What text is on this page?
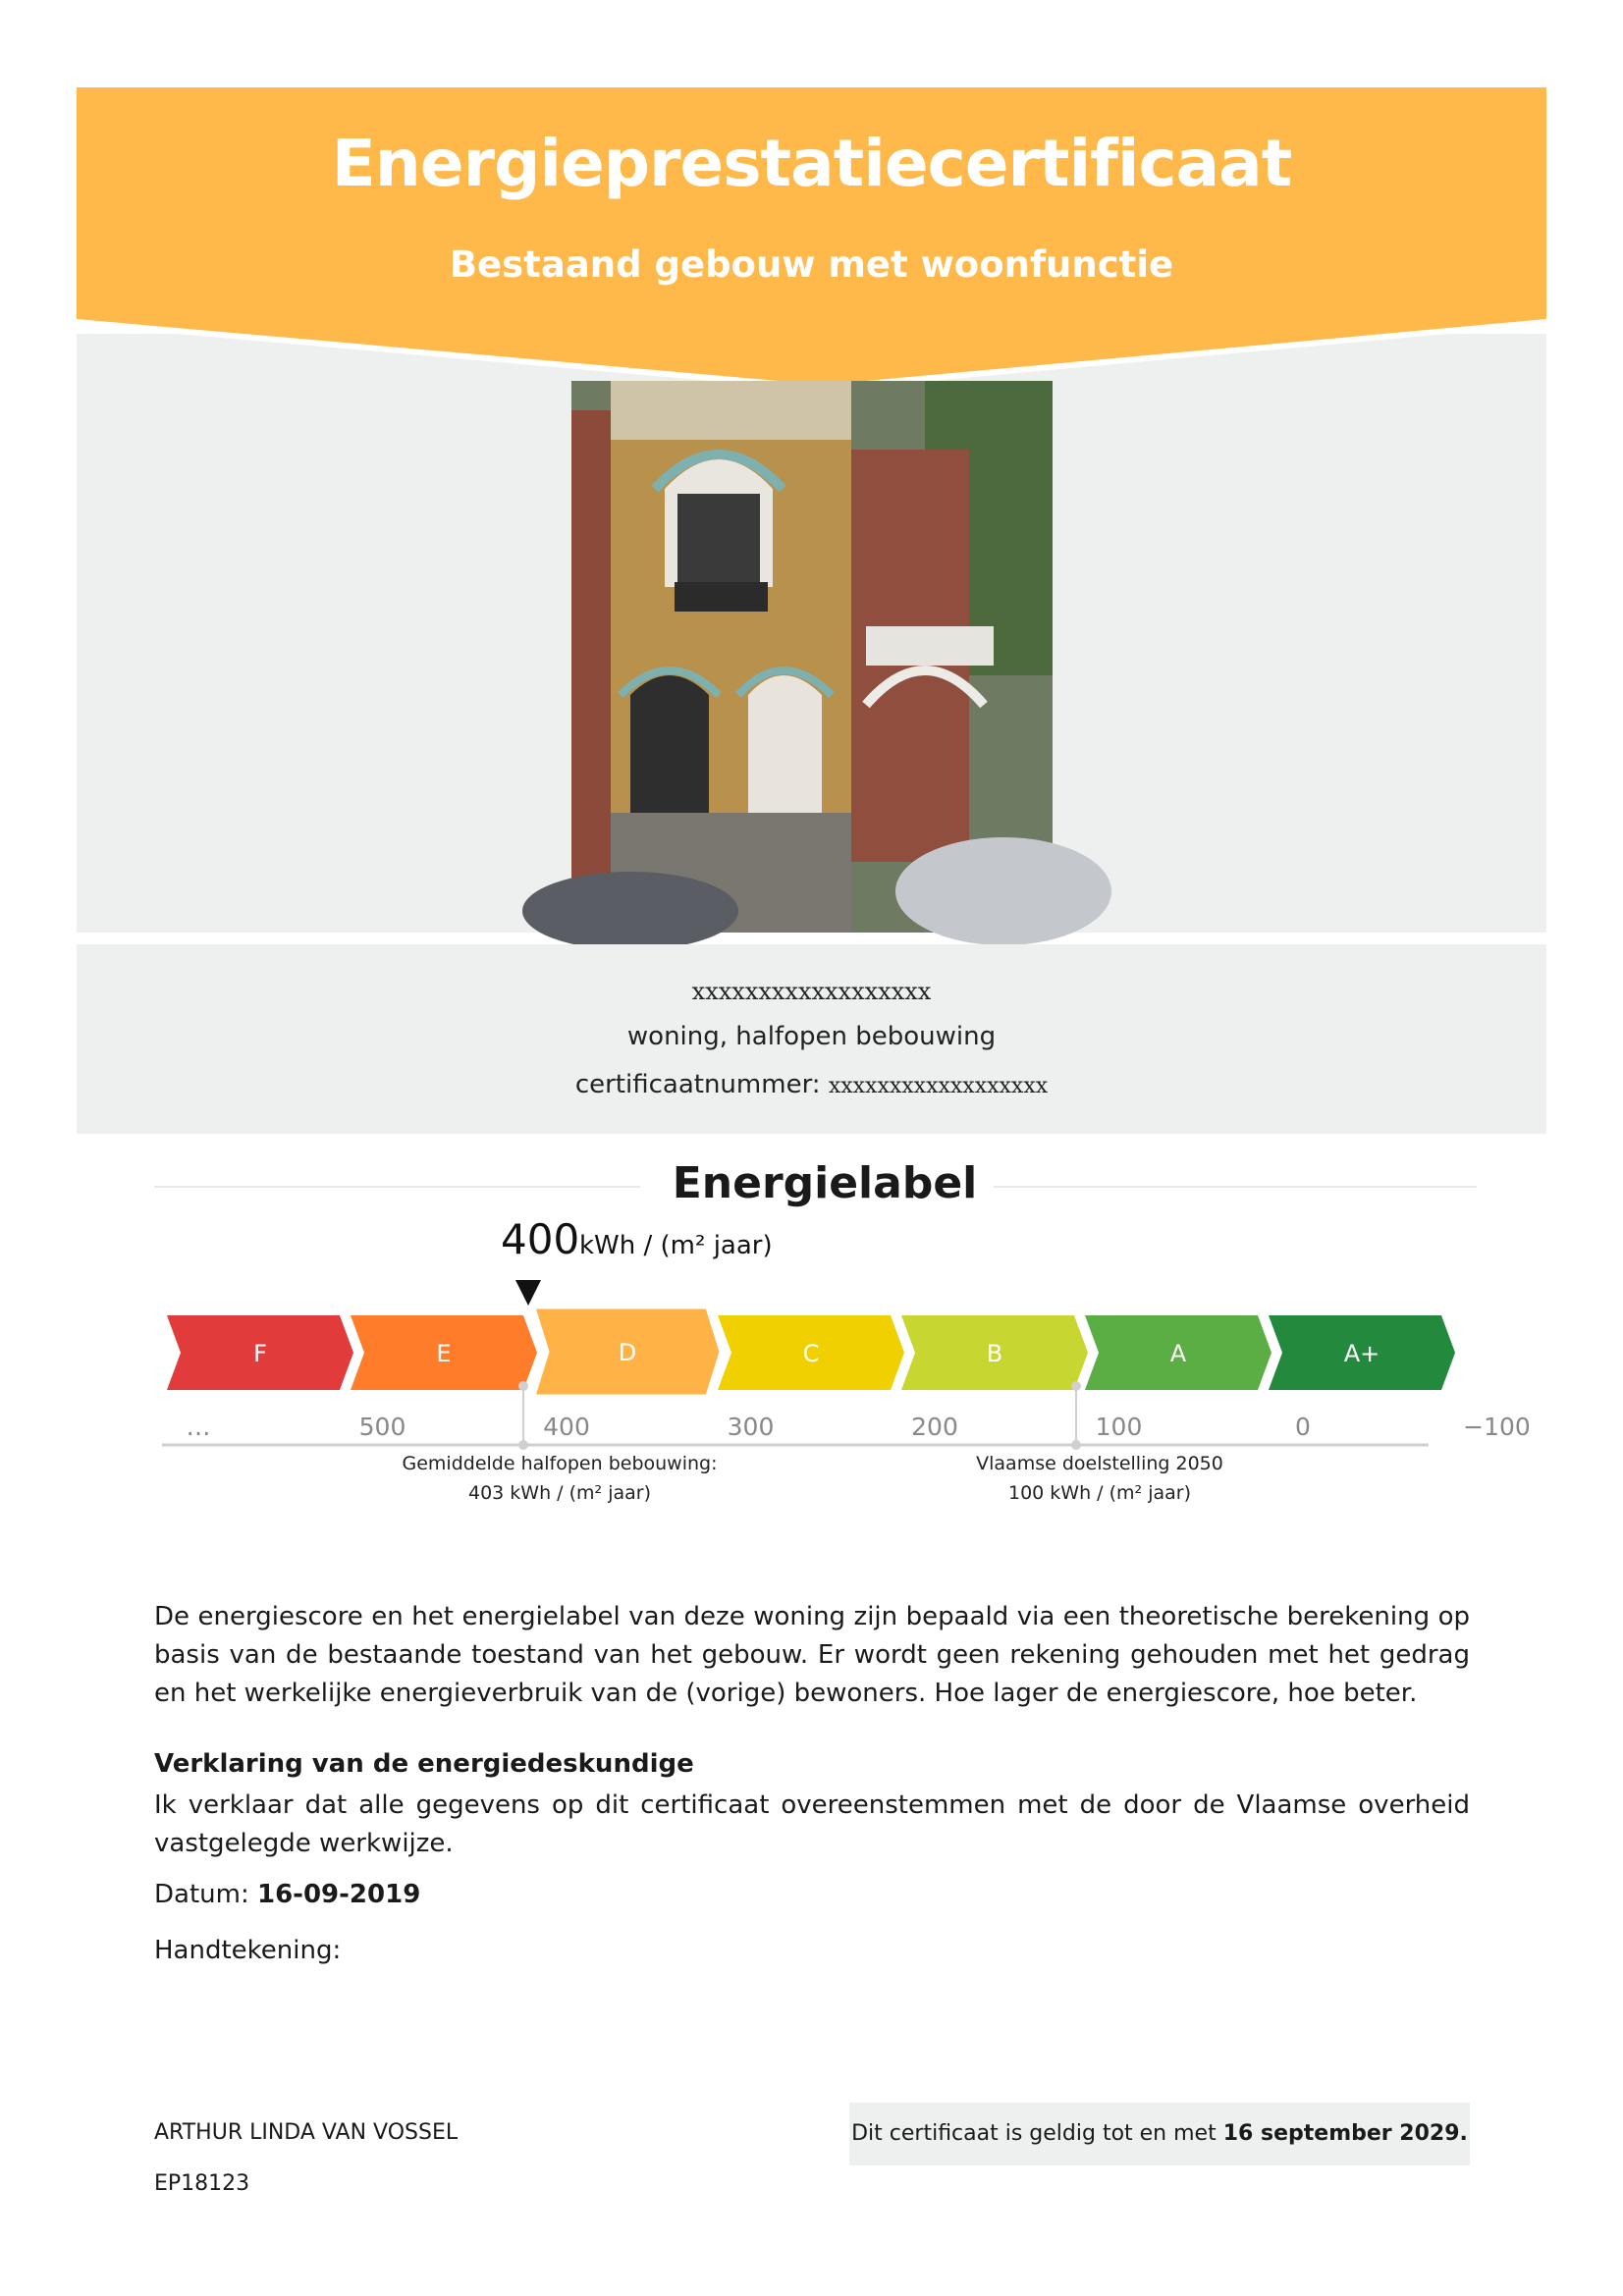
Energieprestatiecertificaat
Bestaand gebouw met woonfunctie
xxxxxxxxxxxxxxxxxx
woning, halfopen bebouwing
certificaatnummer: xxxxxxxxxxxxxxxxxx
Energielabel
400 kWh / (m² jaar)
F	E	D	C	B	A	A+
…	500	400	300	200	100	0	−100
Gemiddelde halfopen bebouwing:
403 kWh / (m² jaar)
Vlaamse doelstelling 2050
100 kWh / (m² jaar)
De energiescore en het energielabel van deze woning zijn bepaald via een theoretische berekening op basis van de bestaande toestand van het gebouw. Er wordt geen rekening gehouden met het gedrag en het werkelijke energieverbruik van de (vorige) bewoners. Hoe lager de energiescore, hoe beter.
Verklaring van de energiedeskundige
Ik verklaar dat alle gegevens op dit certificaat overeenstemmen met de door de Vlaamse overheid vastgelegde werkwijze.
Datum: 16-09-2019
Handtekening:
ARTHUR LINDA VAN VOSSEL
EP18123
Dit certificaat is geldig tot en met 16 september 2029.
